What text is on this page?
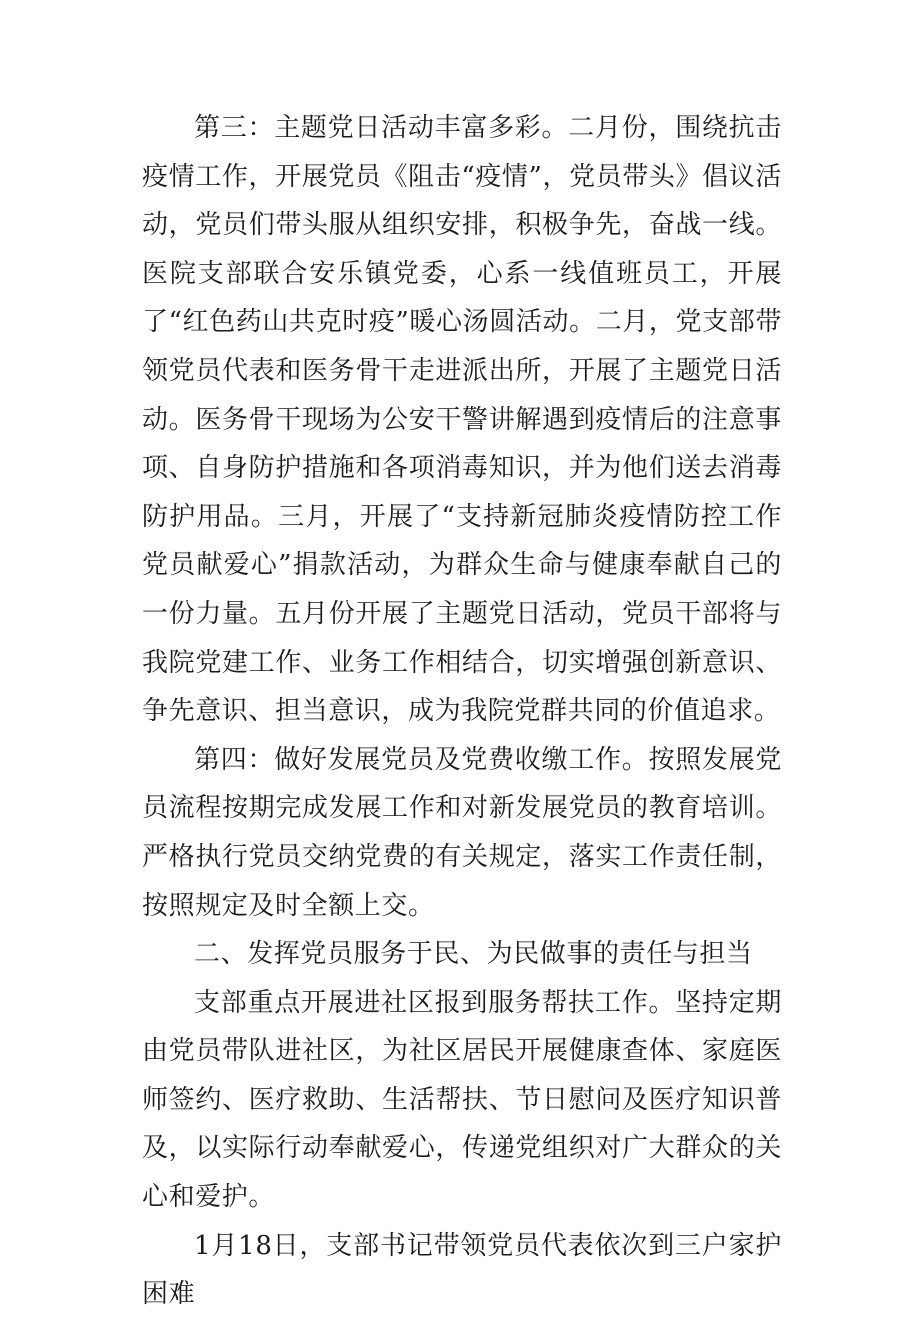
第三：主题党日活动丰富多彩。二月份，围绕抗击疫情工作，开展党员《阻击“疫情”，党员带头》倡议活动，党员们带头服从组织安排，积极争先，奋战一线。医院支部联合安乐镇党委，心系一线值班员工，开展了“红色药山共克时疫”暖心汤圆活动。二月，党支部带领党员代表和医务骨干走进派出所，开展了主题党日活动。医务骨干现场为公安干警讲解遇到疫情后的注意事项、自身防护措施和各项消毒知识，并为他们送去消毒防护用品。三月，开展了“支持新冠肺炎疫情防控工作党员献爱心”捐款活动，为群众生命与健康奉献自己的一份力量。五月份开展了主题党日活动，党员干部将与我院党建工作、业务工作相结合，切实增强创新意识、争先意识、担当意识，成为我院党群共同的价值追求。

第四：做好发展党员及党费收缴工作。按照发展党员流程按期完成发展工作和对新发展党员的教育培训。严格执行党员交纳党费的有关规定，落实工作责任制，按照规定及时全额上交。

二、发挥党员服务于民、为民做事的责任与担当

支部重点开展进社区报到服务帮扶工作。坚持定期由党员带队进社区，为社区居民开展健康查体、家庭医师签约、医疗救助、生活帮扶、节日慰问及医疗知识普及，以实际行动奉献爱心，传递党组织对广大群众的关心和爱护。

1月18日，支部书记带领党员代表依次到三户家护困难
